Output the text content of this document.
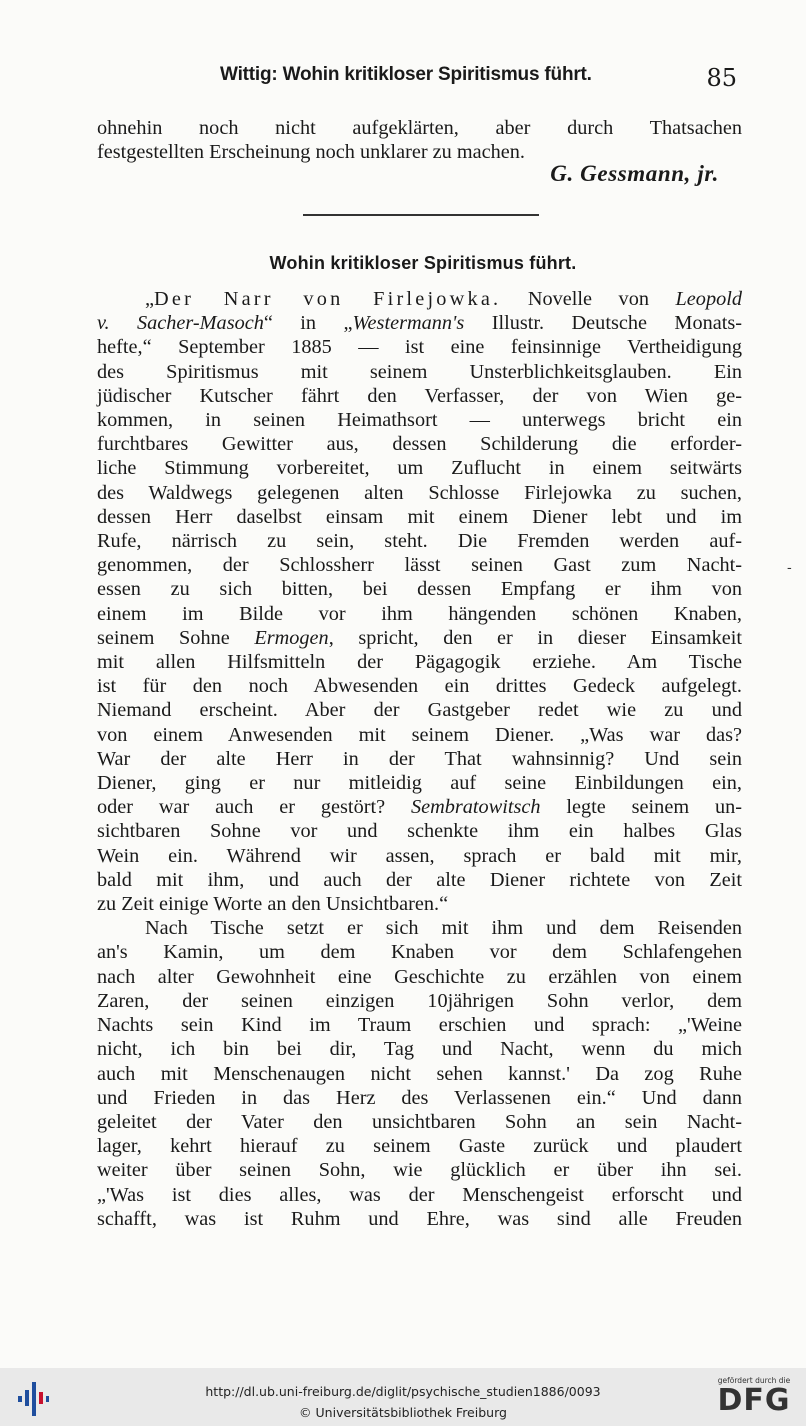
Wittig: Wohin kritikloser Spiritismus führt.	85
ohnehin noch nicht aufgeklärten, aber durch Thatsachen
festgestellten Erscheinung noch unklarer zu machen.
G. Gessmann, jr.
Wohin kritikloser Spiritismus führt.
„Der Narr von Firlejowka. Novelle von Leopold
v. Sacher-Masoch“ in „Westermann's Illustr. Deutsche Monats-
hefte,“ September 1885 — ist eine feinsinnige Vertheidigung
des Spiritismus mit seinem Unsterblichkeitsglauben. Ein
jüdischer Kutscher fährt den Verfasser, der von Wien ge-
kommen, in seinen Heimathsort — unterwegs bricht ein
furchtbares Gewitter aus, dessen Schilderung die erforder-
liche Stimmung vorbereitet, um Zuflucht in einem seitwärts
des Waldwegs gelegenen alten Schlosse Firlejowka zu suchen,
dessen Herr daselbst einsam mit einem Diener lebt und im
Rufe, närrisch zu sein, steht. Die Fremden werden auf-
genommen, der Schlossherr lässt seinen Gast zum Nacht-
essen zu sich bitten, bei dessen Empfang er ihm von
einem im Bilde vor ihm hängenden schönen Knaben,
seinem Sohne Ermogen, spricht, den er in dieser Einsamkeit
mit allen Hilfsmitteln der Pägagogik erziehe. Am Tische
ist für den noch Abwesenden ein drittes Gedeck aufgelegt.
Niemand erscheint. Aber der Gastgeber redet wie zu und
von einem Anwesenden mit seinem Diener. „Was war das?
War der alte Herr in der That wahnsinnig? Und sein
Diener, ging er nur mitleidig auf seine Einbildungen ein,
oder war auch er gestört? Sembratowitsch legte seinem un-
sichtbaren Sohne vor und schenkte ihm ein halbes Glas
Wein ein. Während wir assen, sprach er bald mit mir,
bald mit ihm, und auch der alte Diener richtete von Zeit
zu Zeit einige Worte an den Unsichtbaren.“
Nach Tische setzt er sich mit ihm und dem Reisenden
an's Kamin, um dem Knaben vor dem Schlafengehen
nach alter Gewohnheit eine Geschichte zu erzählen von einem
Zaren, der seinen einzigen 10jährigen Sohn verlor, dem
Nachts sein Kind im Traum erschien und sprach: „'Weine
nicht, ich bin bei dir, Tag und Nacht, wenn du mich
auch mit Menschenaugen nicht sehen kannst.' Da zog Ruhe
und Frieden in das Herz des Verlassenen ein.“ Und dann
geleitet der Vater den unsichtbaren Sohn an sein Nacht-
lager, kehrt hierauf zu seinem Gaste zurück und plaudert
weiter über seinen Sohn, wie glücklich er über ihn sei.
„'Was ist dies alles, was der Menschengeist erforscht und
schafft, was ist Ruhm und Ehre, was sind alle Freuden
-
http://dl.ub.uni-freiburg.de/diglit/psychische_studien1886/0093
© Universitätsbibliothek Freiburg
gefördert durch die
DFG
